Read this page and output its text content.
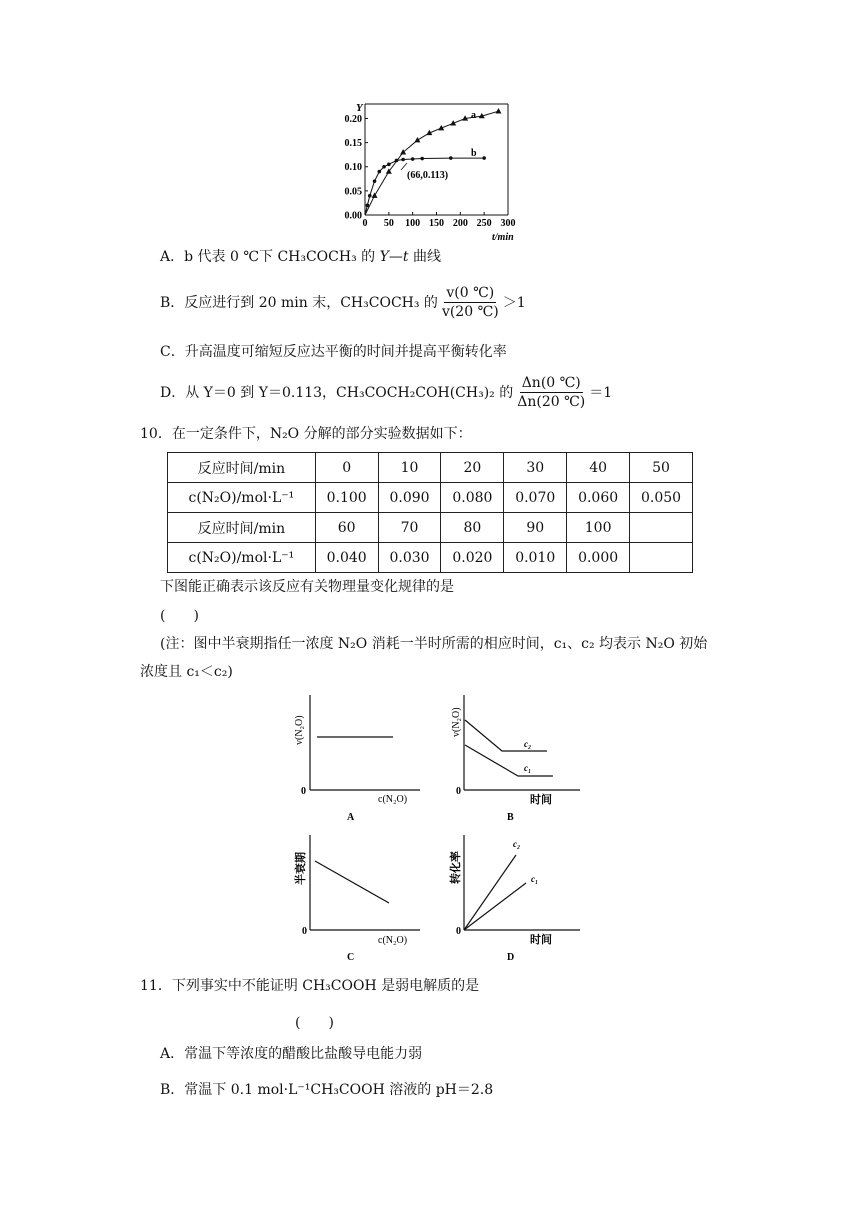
0.00
0.05
0.10
0.15
0.20
0 50 100 150 200 250 300
Y
t/min
a
b
(66,0.113)
A．b 代表 0 ℃下 CH₃COCH₃ 的 Y—t 曲线
B．反应进行到 20 min 末，CH₃COCH₃ 的 $\frac{v(0 ℃)}{v(20 ℃)} >1$
C．升高温度可缩短反应达平衡的时间并提高平衡转化率
D．从 Y＝0 到 Y＝0.113，CH₃COCH₂COH(CH₃)₂ 的 $\frac{\Delta n(0 ℃)}{\Delta n(20 ℃)} =1$
10．在一定条件下，N₂O 分解的部分实验数据如下：
反应时间/min	0	10	20	30	40	50
c(N₂O)/mol·L⁻¹	0.100	0.090	0.080	0.070	0.060	0.050
反应时间/min	60	70	80	90	100	
c(N₂O)/mol·L⁻¹	0.040	0.030	0.020	0.010	0.000	
下图能正确表示该反应有关物理量变化规律的是
(　　)
(注：图中半衰期指任一浓度 N₂O 消耗一半时所需的相应时间，c₁、c₂ 均表示 N₂O 初始
浓度且 c₁＜c₂)
v(N₂O)
0
c(N₂O)
A
c₂
c₁
v(N₂O)
0
时间
B
半衰期
0
c(N₂O)
C
c₂
c₁
转化率
0
时间
D
11．下列事实中不能证明 CH₃COOH 是弱电解质的是
(　　)
A．常温下等浓度的醋酸比盐酸导电能力弱
B．常温下 0.1 mol·L⁻¹CH₃COOH 溶液的 pH＝2.8
